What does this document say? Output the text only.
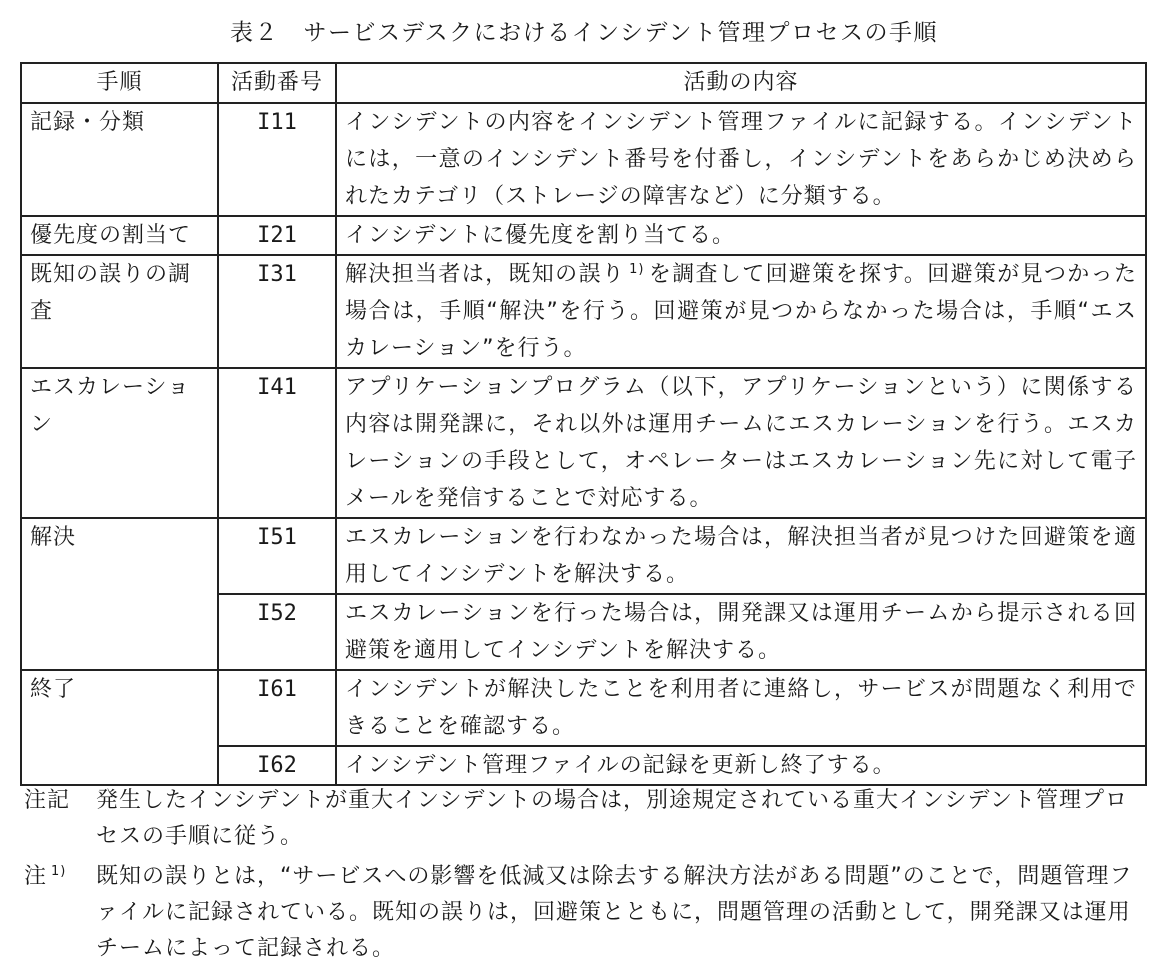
表２　サービスデスクにおけるインシデント管理プロセスの手順
手順	活動番号	活動の内容
記録・分類	I11	インシデントの内容をインシデント管理ファイルに記録する。インシデントには，一意のインシデント番号を付番し，インシデントをあらかじめ決められたカテゴリ（ストレージの障害など）に分類する。
優先度の割当て	I21	インシデントに優先度を割り当てる。
既知の誤りの調査	I31	解決担当者は，既知の誤り $^{1)}$ を調査して回避策を探す。回避策が見つかった場合は，手順“解決”を行う。回避策が見つからなかった場合は，手順“エスカレーション”を行う。
エスカレーション	I41	アプリケーションプログラム（以下，アプリケーションという）に関係する内容は開発課に，それ以外は運用チームにエスカレーションを行う。エスカレーションの手段として，オペレーターはエスカレーション先に対して電子メールを発信することで対応する。
解決	I51	エスカレーションを行わなかった場合は，解決担当者が見つけた回避策を適用してインシデントを解決する。
	I52	エスカレーションを行った場合は，開発課又は運用チームから提示される回避策を適用してインシデントを解決する。
終了	I61	インシデントが解決したことを利用者に連絡し，サービスが問題なく利用できることを確認する。
	I62	インシデント管理ファイルの記録を更新し終了する。
注記	発生したインシデントが重大インシデントの場合は，別途規定されている重大インシデント管理プロセスの手順に従う。
注 $^{1)}$	既知の誤りとは，“サービスへの影響を低減又は除去する解決方法がある問題”のことで，問題管理ファイルに記録されている。既知の誤りは，回避策とともに，問題管理の活動として，開発課又は運用チームによって記録される。
